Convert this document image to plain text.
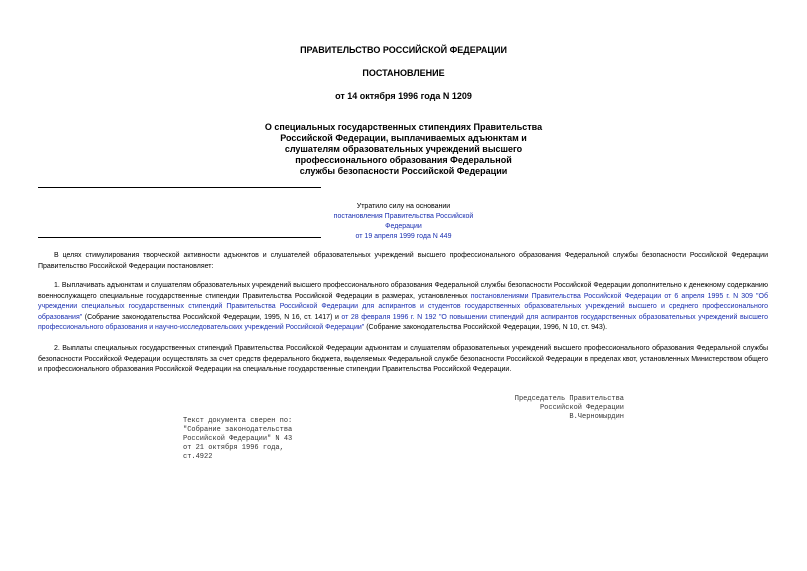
ПРАВИТЕЛЬСТВО РОССИЙСКОЙ ФЕДЕРАЦИИ
ПОСТАНОВЛЕНИЕ
от 14 октября 1996 года N 1209
О специальных государственных стипендиях Правительства
Российской Федерации, выплачиваемых адъюнктам и
слушателям образовательных учреждений высшего
профессионального образования Федеральной
службы безопасности Российской Федерации
Утратило силу на основании
постановления Правительства Российской Федерации
от 19 апреля 1999 года N 449
В целях стимулирования творческой активности адъюнктов и слушателей образовательных учреждений высшего профессионального образования Федеральной службы безопасности Российской Федерации Правительство Российской Федерации постановляет:
1. Выплачивать адъюнктам и слушателям образовательных учреждений высшего профессионального образования Федеральной службы безопасности Российской Федерации дополнительно к денежному содержанию военнослужащего специальные государственные стипендии Правительства Российской Федерации в размерах, установленных постановлениями Правительства Российской Федерации от 6 апреля 1995 г. N 309 "Об учреждении специальных государственных стипендий Правительства Российской Федерации для аспирантов и студентов государственных образовательных учреждений высшего и среднего профессионального образования" (Собрание законодательства Российской Федерации, 1995, N 16, ст. 1417) и от 28 февраля 1996 г. N 192 "О повышении стипендий для аспирантов государственных образовательных учреждений высшего профессионального образования и научно-исследовательских учреждений Российской Федерации" (Собрание законодательства Российской Федерации, 1996, N 10, ст. 943).
2. Выплаты специальных государственных стипендий Правительства Российской Федерации адъюнктам и слушателям образовательных учреждений высшего профессионального образования Федеральной службы безопасности Российской Федерации осуществлять за счет средств федерального бюджета, выделяемых Федеральной службе безопасности Российской Федерации в пределах квот, установленных Министерством общего и профессионального образования Российской Федерации на специальные государственные стипендии Правительства Российской Федерации.
Председатель Правительства
Российской Федерации
В.Черномырдин
Текст документа сверен по:
"Собрание законодательства
Российской Федерации" N 43
от 21 октября 1996 года,
ст.4922
